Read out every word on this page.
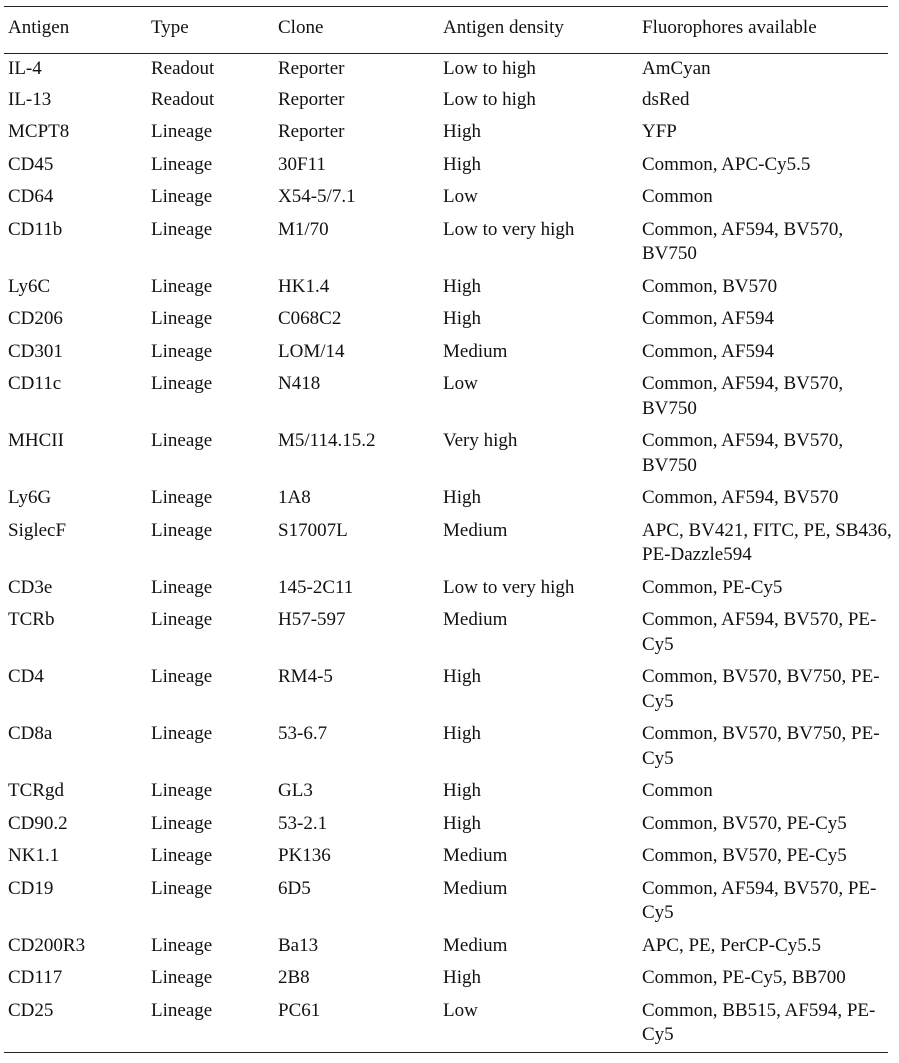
Antigen	Type	Clone	Antigen density	Fluorophores available
IL-4	Readout	Reporter	Low to high	AmCyan
IL-13	Readout	Reporter	Low to high	dsRed
MCPT8	Lineage	Reporter	High	YFP
CD45	Lineage	30F11	High	Common, APC-Cy5.5
CD64	Lineage	X54-5/7.1	Low	Common
CD11b	Lineage	M1/70	Low to very high	Common, AF594, BV570, BV750
Ly6C	Lineage	HK1.4	High	Common, BV570
CD206	Lineage	C068C2	High	Common, AF594
CD301	Lineage	LOM/14	Medium	Common, AF594
CD11c	Lineage	N418	Low	Common, AF594, BV570, BV750
MHCII	Lineage	M5/114.15.2	Very high	Common, AF594, BV570, BV750
Ly6G	Lineage	1A8	High	Common, AF594, BV570
SiglecF	Lineage	S17007L	Medium	APC, BV421, FITC, PE, SB436, PE-Dazzle594
CD3e	Lineage	145-2C11	Low to very high	Common, PE-Cy5
TCRb	Lineage	H57-597	Medium	Common, AF594, BV570, PE-Cy5
CD4	Lineage	RM4-5	High	Common, BV570, BV750, PE-Cy5
CD8a	Lineage	53-6.7	High	Common, BV570, BV750, PE-Cy5
TCRgd	Lineage	GL3	High	Common
CD90.2	Lineage	53-2.1	High	Common, BV570, PE-Cy5
NK1.1	Lineage	PK136	Medium	Common, BV570, PE-Cy5
CD19	Lineage	6D5	Medium	Common, AF594, BV570, PE-Cy5
CD200R3	Lineage	Ba13	Medium	APC, PE, PerCP-Cy5.5
CD117	Lineage	2B8	High	Common, PE-Cy5, BB700
CD25	Lineage	PC61	Low	Common, BB515, AF594, PE-Cy5
